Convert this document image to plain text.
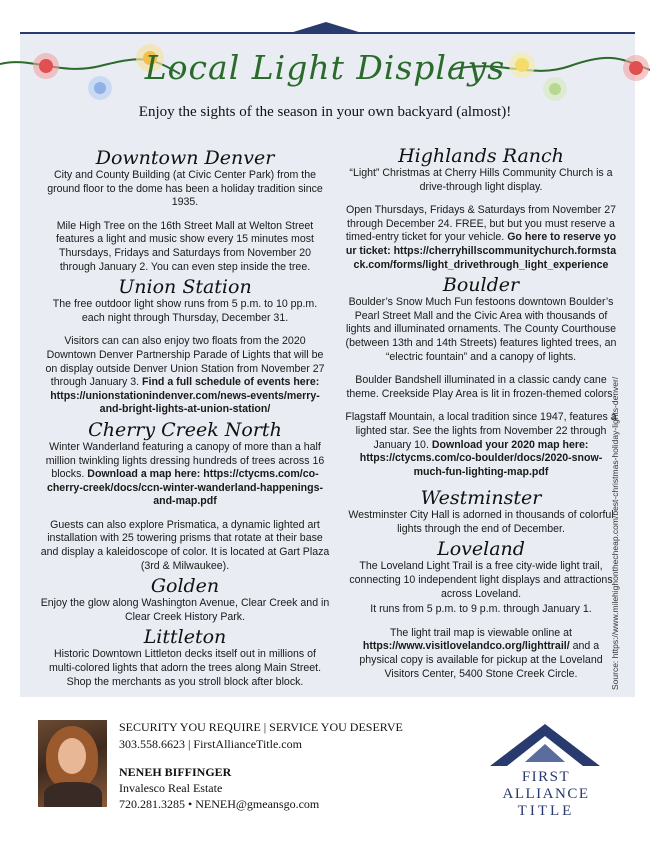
Local Light Displays
Enjoy the sights of the season in your own backyard (almost)!
Downtown Denver

City and County Building (at Civic Center Park) from the ground floor to the dome has been a holiday tradition since 1935.

Mile High Tree on the 16th Street Mall at Welton Street features a light and music show every 15 minutes most Thursdays, Fridays and Saturdays from November 20 through January 2. You can even step inside the tree.

Union Station

The free outdoor light show runs from 5 p.m. to 10 pp.m. each night through Thursday, December 31.

Visitors can can also enjoy two floats from the 2020 Downtown Denver Partnership Parade of Lights that will be on display outside Denver Union Station from November 27 through January 3. Find a full schedule of events here: https://unionstationindenver.com/news-events/merry-and-bright-lights-at-union-station/

Cherry Creek North

Winter Wanderland featuring a canopy of more than a half million twinkling lights dressing hundreds of trees across 16 blocks. Download a map here: https://ctycms.com/co-cherry-creek/docs/ccn-winter-wanderland-happenings-and-map.pdf

Guests can also explore Prismatica, a dynamic lighted art installation with 25 towering prisms that rotate at their base and display a kaleidoscope of color. It is located at Gart Plaza (3rd & Milwaukee).

Golden

Enjoy the glow along Washington Avenue, Clear Creek and in Clear Creek History Park.

Littleton

Historic Downtown Littleton decks itself out in millions of multi-colored lights that adorn the trees along Main Street. Shop the merchants as you stroll block after block.

Highlands Ranch

“Light” Christmas at Cherry Hills Community Church is a drive-through light display.

Open Thursdays, Fridays & Saturdays from November 27 through December 24. FREE, but but you must reserve a timed-entry ticket for your vehicle. Go here to reserve your ticket: https://cherryhillscommunitychurch.formstack.com/forms/light_drivethrough_light_experience

Boulder

Boulder’s Snow Much Fun festoons downtown Boulder’s Pearl Street Mall and the Civic Area with thousands of lights and illuminated ornaments. The County Courthouse (between 13th and 14th Streets) features lighted trees, an “electric fountain” and a canopy of lights.

Boulder Bandshell illuminated in a classic candy cane theme. Creekside Play Area is lit in frozen-themed colors.

Flagstaff Mountain, a local tradition since 1947, features a lighted star. See the lights from November 22 through January 10. Download your 2020 map here: https://ctycms.com/co-boulder/docs/2020-snow-much-fun-lighting-map.pdf

Westminster

Westminster City Hall is adorned in thousands of colorful lights through the end of December.

Loveland

The Loveland Light Trail is a free city-wide light trail, connecting 10 independent light displays and attractions across Loveland.

It runs from 5 p.m. to 9 p.m. through January 1.

The light trail map is viewable online at https://www.visitlovelandco.org/lighttrail/ and a physical copy is available for pickup at the Loveland Visitors Center, 5400 Stone Creek Circle.	Source: https://www.milehighonthecheap.com/best-christmas-holiday-lights-denver/
SECURITY YOU REQUIRE | SERVICE YOU DESERVE
303.558.6623 | FirstAllianceTitle.com
NENEH BIFFINGER
Invalesco Real Estate
720.281.3285 • NENEH@gmeansgo.com
FIRST ALLIANCE
TITLE
